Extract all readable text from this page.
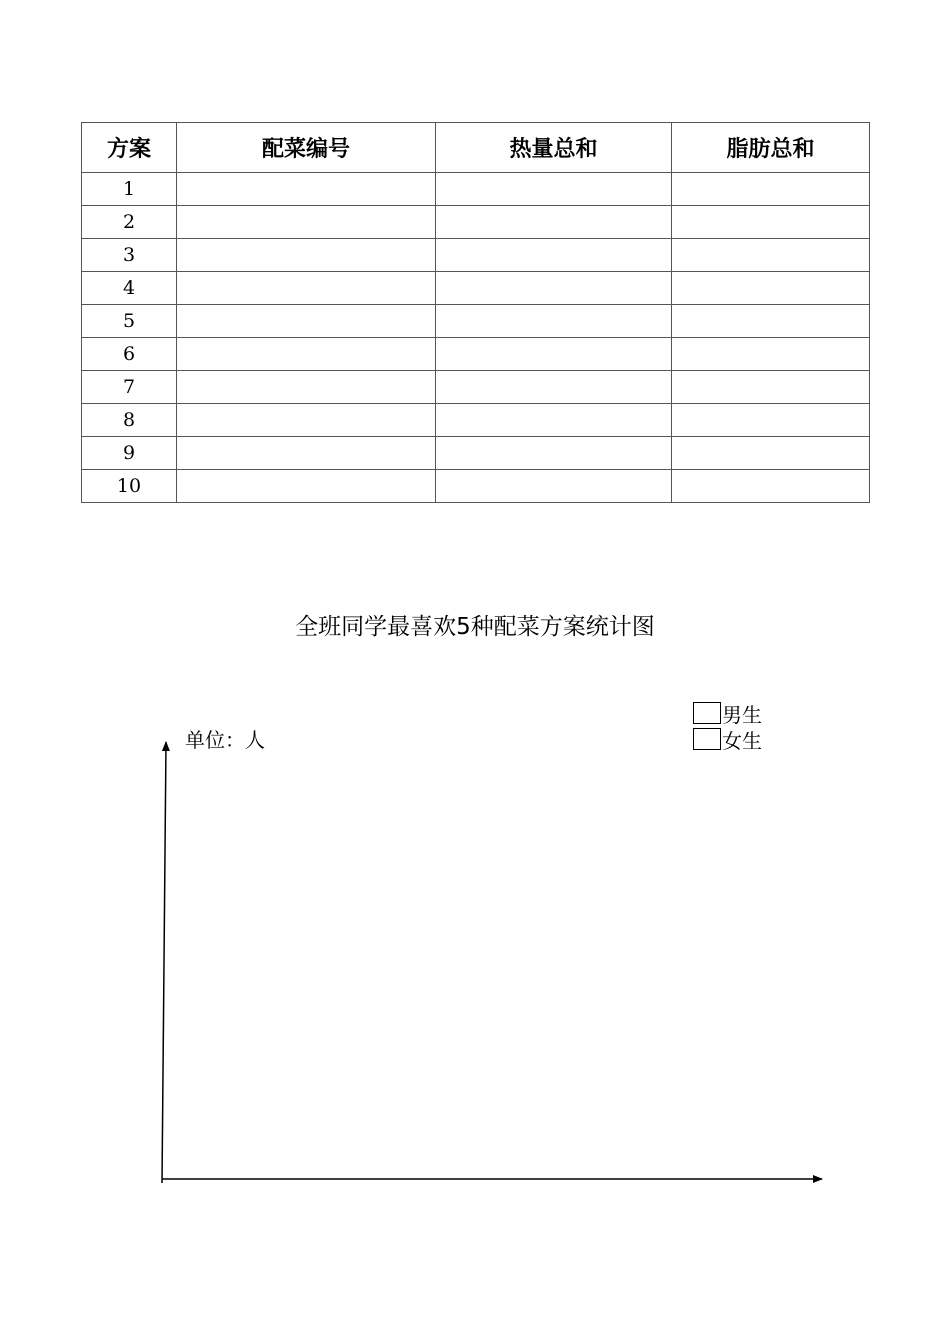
方案	配菜编号	热量总和	脂肪总和
1			
2			
3			
4			
5			
6			
7			
8			
9			
10			
全班同学最喜欢5种配菜方案统计图
单位：人
男生
女生
